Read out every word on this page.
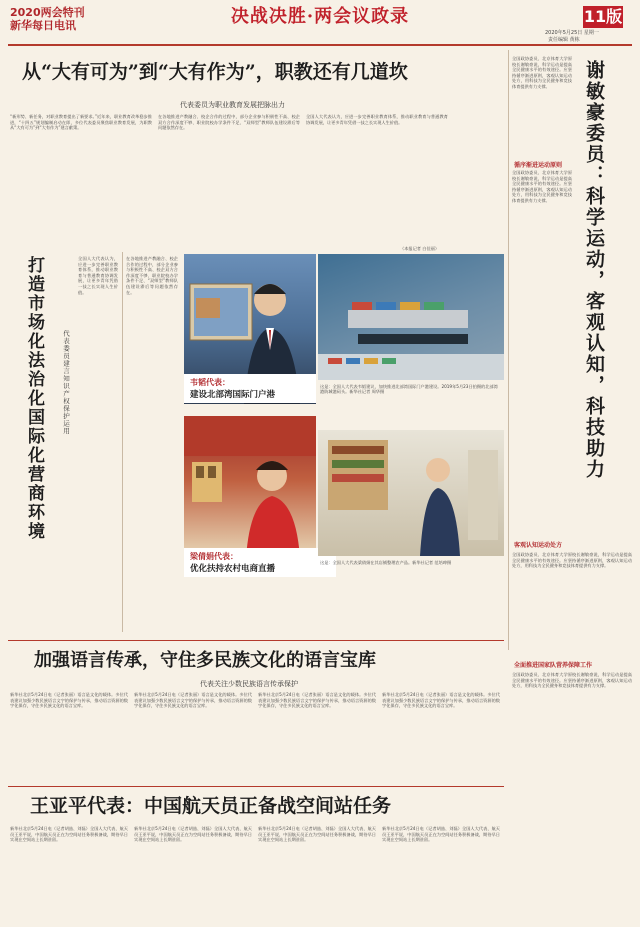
2020两会特刊
新华每日电讯	决战决胜·两会议政录	11版
2020年5月25日 星期一
责任编辑 黄栋
从“大有可为”到“大有作为”，职教还有几道坎
代表委员为职业教育发展把脉出力
“新形势、新任务，对职业教育提出了新要求。”近年来，职业教育改革稳步推进，“十四五”规划编制启动在即，多位代表委员聚焦职业教育发展，为职教从“大有可为”到“大有作为”建言献策。
在各地推进产教融合、校企合作的过程中，部分企业参与积极性不高、校企双方合作深度不够、职业院校办学条件不足、“双师型”教师队伍建设滞后等问题依然存在。
全国人大代表认为，应进一步完善职业教育体系，推动职业教育与普通教育协调发展，让更多青年凭借一技之长实现人生价值。
（本报记者 白佳丽）
全国政协委员、北京体育大学原校长谢敏豪说，科学运动是提高全民健康水平的有效途径。应坚持循序渐进原则，客观认知运动处方，用科技为全民健身和竞技体育提供有力支撑。	谢敏豪委员：科学运动，客观认知，科技助力
循序渐进运动原则
全国政协委员、北京体育大学原校长谢敏豪说，科学运动是提高全民健康水平的有效途径。应坚持循序渐进原则，客观认知运动处方，用科技为全民健身和竞技体育提供有力支撑。
客观认知运动处方
全国政协委员、北京体育大学原校长谢敏豪说，科学运动是提高全民健康水平的有效途径。应坚持循序渐进原则，客观认知运动处方，用科技为全民健身和竞技体育提供有力支撑。
打造市场化法治化国际化营商环境	代表委员建言知识产权保护运用
在各地推进产教融合、校企合作的过程中，部分企业参与积极性不高、校企双方合作深度不够、职业院校办学条件不足、“双师型”教师队伍建设滞后等问题依然存在。
全国人大代表认为，应进一步完善职业教育体系，推动职业教育与普通教育协调发展，让更多青年凭借一技之长实现人生价值。
韦韬代表：
建设北部湾国际门户港
这是：全国人大代表韦韬建议，加快推进北部湾国际门户港建设。2019年5月23日拍摄的北部湾港防城港码头。新华社记者 周华摄
梁倩娟代表：
优化扶持农村电商直播
这是：全国人大代表梁倩娟在其店铺整理农产品。新华社记者 范培珅摄
加强语言传承，守住多民族文化的语言宝库
代表关注少数民族语言传承保护
新华社北京5月24日电（记者张丽）语言是文化的载体。多位代表建议加强少数民族语言文字的保护与传承，推动语言资源的数字化保存，守住多民族文化的语言宝库。
新华社北京5月24日电（记者张丽）语言是文化的载体。多位代表建议加强少数民族语言文字的保护与传承，推动语言资源的数字化保存，守住多民族文化的语言宝库。
新华社北京5月24日电（记者张丽）语言是文化的载体。多位代表建议加强少数民族语言文字的保护与传承，推动语言资源的数字化保存，守住多民族文化的语言宝库。
新华社北京5月24日电（记者张丽）语言是文化的载体。多位代表建议加强少数民族语言文字的保护与传承，推动语言资源的数字化保存，守住多民族文化的语言宝库。
王亚平代表：中国航天员正备战空间站任务
新华社北京5月24日电（记者胡喆、刘磊）全国人大代表、航天员王亚平说，中国航天员正在为空间站任务积极备战，期待早日实现在空间站上长期驻留。
新华社北京5月24日电（记者胡喆、刘磊）全国人大代表、航天员王亚平说，中国航天员正在为空间站任务积极备战，期待早日实现在空间站上长期驻留。
新华社北京5月24日电（记者胡喆、刘磊）全国人大代表、航天员王亚平说，中国航天员正在为空间站任务积极备战，期待早日实现在空间站上长期驻留。
新华社北京5月24日电（记者胡喆、刘磊）全国人大代表、航天员王亚平说，中国航天员正在为空间站任务积极备战，期待早日实现在空间站上长期驻留。
全面推进国家队营养保障工作
全国政协委员、北京体育大学原校长谢敏豪说，科学运动是提高全民健康水平的有效途径。应坚持循序渐进原则，客观认知运动处方，用科技为全民健身和竞技体育提供有力支撑。
